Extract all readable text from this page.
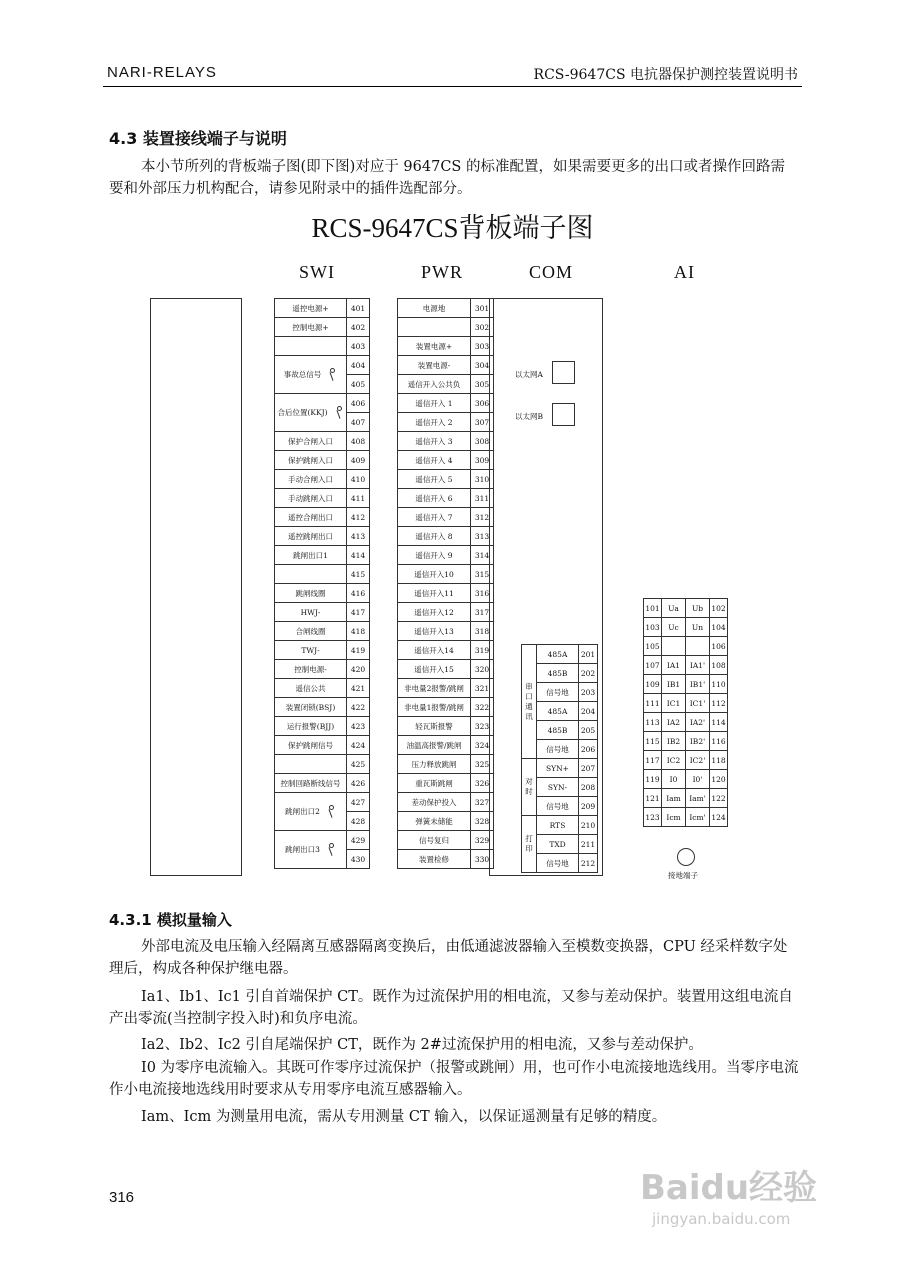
NARI-RELAYS	RCS-9647CS 电抗器保护测控装置说明书
4.3 装置接线端子与说明
本小节所列的背板端子图(即下图)对应于 9647CS 的标准配置，如果需要更多的出口或者操作回路需要和外部压力机构配合，请参见附录中的插件选配部分。
RCS-9647CS背板端子图
SWI	PWR	COM	AI
遥控电源+	401
控制电源+	402
	403
事故总信号	404
	405
合后位置(KKJ)	406
	407
保护合闸入口	408
保护跳闸入口	409
手动合闸入口	410
手动跳闸入口	411
遥控合闸出口	412
遥控跳闸出口	413
跳闸出口1	414
	415
跳闸线圈	416
HWJ-	417
合闸线圈	418
TWJ-	419
控制电源-	420
遥信公共	421
装置闭锁(BSJ)	422
运行报警(BJJ)	423
保护跳闸信号	424
	425
控制回路断线信号	426
跳闸出口2	427
	428
跳闸出口3	429
	430
电源地	301
	302
装置电源+	303
装置电源-	304
遥信开入公共负	305
遥信开入 1	306
遥信开入 2	307
遥信开入 3	308
遥信开入 4	309
遥信开入 5	310
遥信开入 6	311
遥信开入 7	312
遥信开入 8	313
遥信开入 9	314
遥信开入10	315
遥信开入11	316
遥信开入12	317
遥信开入13	318
遥信开入14	319
遥信开入15	320
非电量2报警/跳闸	321
非电量1报警/跳闸	322
轻瓦斯报警	323
油温高报警/跳闸	324
压力释放跳闸	325
重瓦斯跳闸	326
差动保护投入	327
弹簧未储能	328
信号复归	329
装置检修	330
以太网A
以太网B
串口通讯	485A	201
	485B	202
	信号地	203
	485A	204
	485B	205
	信号地	206
对时	SYN+	207
	SYN-	208
	信号地	209
打印	RTS	210
	TXD	211
	信号地	212
101	Ua	Ub	102
103	Uc	Un	104
105			106
107	IA1	IA1'	108
109	IB1	IB1'	110
111	IC1	IC1'	112
113	IA2	IA2'	114
115	IB2	IB2'	116
117	IC2	IC2'	118
119	I0	I0'	120
121	Iam	Iam'	122
123	Icm	Icm'	124
接地端子
4.3.1 模拟量输入
外部电流及电压输入经隔离互感器隔离变换后，由低通滤波器输入至模数变换器，CPU 经采样数字处理后，构成各种保护继电器。
Ia1、Ib1、Ic1 引自首端保护 CT。既作为过流保护用的相电流，又参与差动保护。装置用这组电流自产出零流(当控制字投入时)和负序电流。
Ia2、Ib2、Ic2 引自尾端保护 CT，既作为 2#过流保护用的相电流，又参与差动保护。
I0 为零序电流输入。其既可作零序过流保护（报警或跳闸）用，也可作小电流接地选线用。当零序电流作小电流接地选线用时要求从专用零序电流互感器输入。
Iam、Icm 为测量用电流，需从专用测量 CT 输入，以保证遥测量有足够的精度。
316	Baidu经验
jingyan.baidu.com
